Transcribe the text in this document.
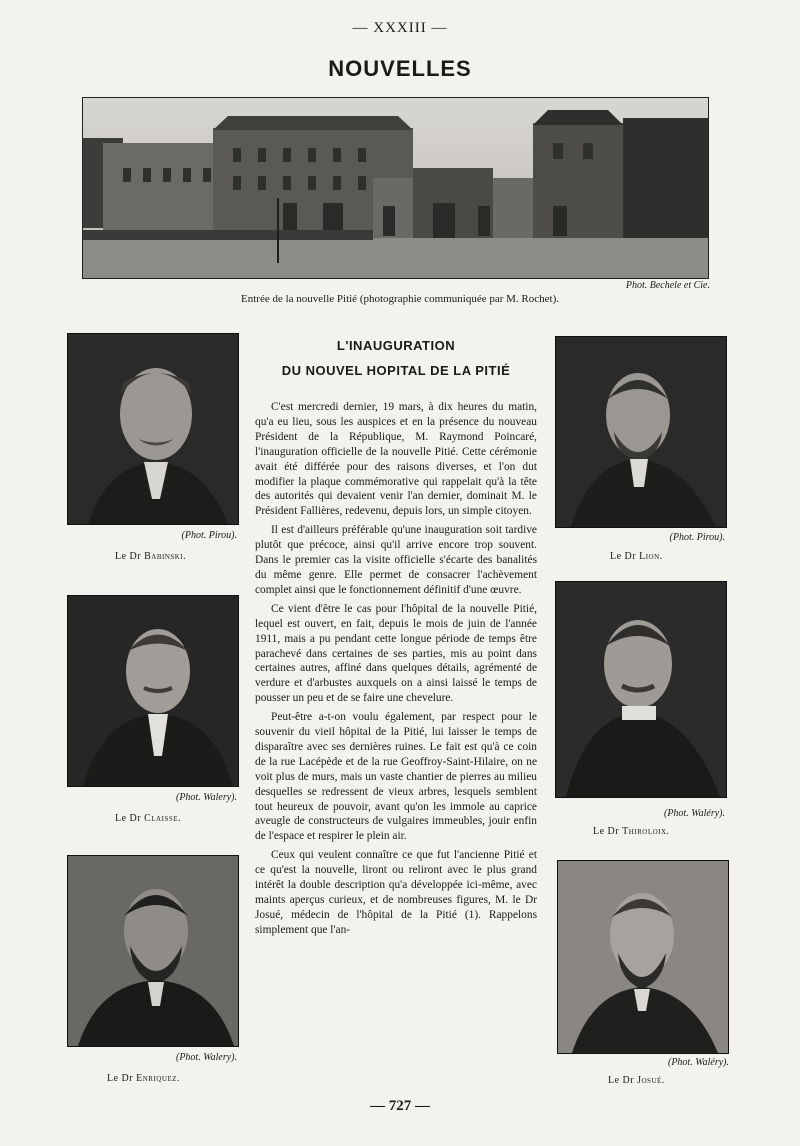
— XXXIII —
NOUVELLES
Phot. Bechele et Cie.
Entrée de la nouvelle Pitié (photographie communiquée par M. Rochet).
(Phot. Pirou).
Le Dr Babinski.
(Phot. Walery).
Le Dr Claisse.
(Phot. Walery).
Le Dr Enriquez.
(Phot. Pirou).
Le Dr Lion.
(Phot. Waléry).
Le Dr Thiroloix.
(Phot. Waléry).
Le Dr Josué.
L'INAUGURATION
DU NOUVEL HOPITAL DE LA PITIÉ

C'est mercredi dernier, 19 mars, à dix heures du matin, qu'a eu lieu, sous les auspices et en la présence du nouveau Président de la République, M. Raymond Poincaré, l'inauguration officielle de la nouvelle Pitié. Cette cérémonie avait été différée pour des raisons diverses, et l'on dut modifier la plaque commémorative qui rappelait qu'à la tête des autorités qui devaient venir l'an dernier, dominait M. le Président Fallières, redevenu, depuis lors, un simple citoyen.

Il est d'ailleurs préférable qu'une inauguration soit tardive plutôt que précoce, ainsi qu'il arrive encore trop souvent. Dans le premier cas la visite officielle s'écarte des banalités du même genre. Elle permet de consacrer l'achèvement complet ainsi que le fonctionnement définitif d'une œuvre.

Ce vient d'être le cas pour l'hôpital de la nouvelle Pitié, lequel est ouvert, en fait, depuis le mois de juin de l'année 1911, mais a pu pendant cette longue période de temps être parachevé dans certaines de ses parties, mis au point dans certaines autres, affiné dans quelques détails, agrémenté de verdure et d'arbustes auxquels on a ainsi laissé le temps de pousser un peu et de se faire une chevelure.

Peut-être a-t-on voulu également, par respect pour le souvenir du vieil hôpital de la Pitié, lui laisser le temps de disparaître avec ses dernières ruines. Le fait est qu'à ce coin de la rue Lacépède et de la rue Geoffroy-Saint-Hilaire, on ne voit plus de murs, mais un vaste chantier de pierres au milieu desquelles se redressent de vieux arbres, lesquels semblent tout heureux de pouvoir, avant qu'on les immole au caprice aveugle de constructeurs de vulgaires immeubles, jouir enfin de l'espace et respirer le plein air.

Ceux qui veulent connaître ce que fut l'ancienne Pitié et ce qu'est la nouvelle, liront ou reliront avec le plus grand intérêt la double description qu'a développée ici-même, avec maints aperçus curieux, et de nombreuses figures, M. le Dr Josué, médecin de l'hôpital de la Pitié (1). Rappelons simplement que l'an-

— 727 —
